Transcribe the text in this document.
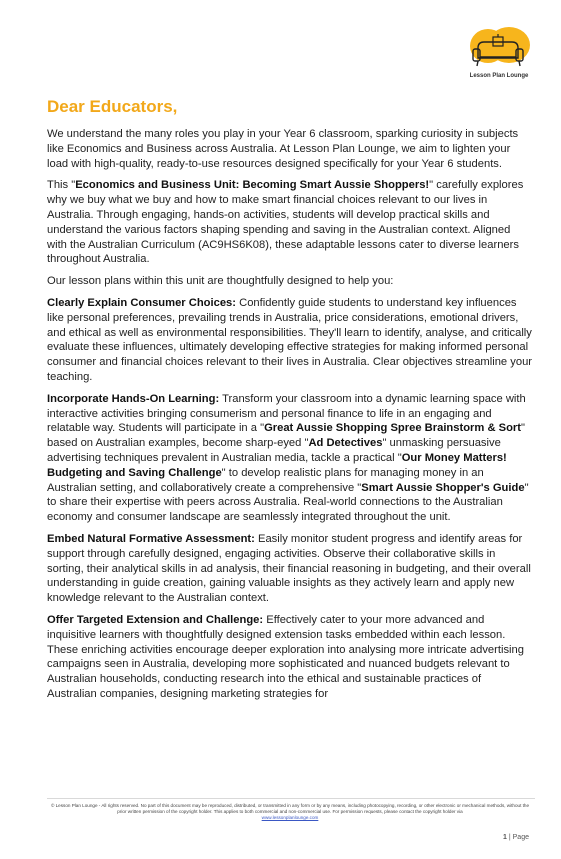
Lesson Plan Lounge
Dear Educators,

We understand the many roles you play in your Year 6 classroom, sparking curiosity in subjects like Economics and Business across Australia. At Lesson Plan Lounge, we aim to lighten your load with high-quality, ready-to-use resources designed specifically for your Year 6 students.

This "Economics and Business Unit: Becoming Smart Aussie Shoppers!" carefully explores why we buy what we buy and how to make smart financial choices relevant to our lives in Australia. Through engaging, hands-on activities, students will develop practical skills and understand the various factors shaping spending and saving in the Australian context. Aligned with the Australian Curriculum (AC9HS6K08), these adaptable lessons cater to diverse learners throughout Australia.

Our lesson plans within this unit are thoughtfully designed to help you:

Clearly Explain Consumer Choices: Confidently guide students to understand key influences like personal preferences, prevailing trends in Australia, price considerations, emotional drivers, and ethical as well as environmental responsibilities. They'll learn to identify, analyse, and critically evaluate these influences, ultimately developing effective strategies for making informed personal consumer and financial choices relevant to their lives in Australia. Clear objectives streamline your teaching.

Incorporate Hands-On Learning: Transform your classroom into a dynamic learning space with interactive activities bringing consumerism and personal finance to life in an engaging and relatable way. Students will participate in a "Great Aussie Shopping Spree Brainstorm & Sort" based on Australian examples, become sharp-eyed "Ad Detectives" unmasking persuasive advertising techniques prevalent in Australian media, tackle a practical "Our Money Matters! Budgeting and Saving Challenge" to develop realistic plans for managing money in an Australian setting, and collaboratively create a comprehensive "Smart Aussie Shopper's Guide" to share their expertise with peers across Australia. Real-world connections to the Australian economy and consumer landscape are seamlessly integrated throughout the unit.

Embed Natural Formative Assessment: Easily monitor student progress and identify areas for support through carefully designed, engaging activities. Observe their collaborative skills in sorting, their analytical skills in ad analysis, their financial reasoning in budgeting, and their overall understanding in guide creation, gaining valuable insights as they actively learn and apply new knowledge relevant to the Australian context.

Offer Targeted Extension and Challenge: Effectively cater to your more advanced and inquisitive learners with thoughtfully designed extension tasks embedded within each lesson. These enriching activities encourage deeper exploration into analysing more intricate advertising campaigns seen in Australia, developing more sophisticated and nuanced budgets relevant to Australian households, conducting research into the ethical and sustainable practices of Australian companies, designing marketing strategies for

© Lesson Plan Lounge - All rights reserved. No part of this document may be reproduced, distributed, or transmitted in any form or by any means, including photocopying, recording, or other electronic or mechanical methods, without the prior written permission of the copyright holder. This applies to both commercial and non-commercial use. For permission requests, please contact the copyright holder via
www.lessonplanlounge.com
1 | Page
